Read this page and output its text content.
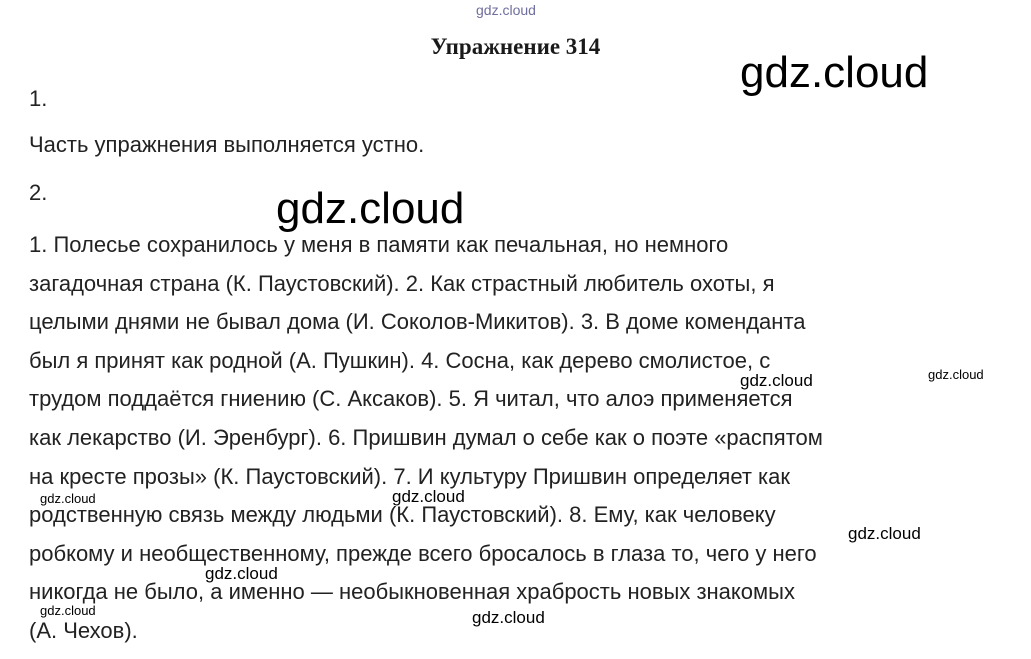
gdz.cloud
Упражнение 314
gdz.cloud
1.
Часть упражнения выполняется устно.
2.	gdz.cloud
1. Полесье сохранилось у меня в памяти как печальная, но немного
загадочная страна (К. Паустовский). 2. Как страстный любитель охоты, я
целыми днями не бывал дома (И. Соколов-Микитов). 3. В доме коменданта
был я принят как родной (А. Пушкин). 4. Сосна, как дерево смолистое, с
трудом поддаётся гниению (С. Аксаков). 5. Я читал, что алоэ применяется
как лекарство (И. Эренбург). 6. Пришвин думал о себе как о поэте «распятом
на кресте прозы» (К. Паустовский). 7. И культуру Пришвин определяет как
родственную связь между людьми (К. Паустовский). 8. Ему, как человеку
робкому и необщественному, прежде всего бросалось в глаза то, чего у него
никогда не было, а именно — необыкновенная храбрость новых знакомых
(А. Чехов).
gdz.cloud	gdz.cloud
gdz.cloud	gdz.cloud
gdz.cloud
gdz.cloud
gdz.cloud	gdz.cloud
